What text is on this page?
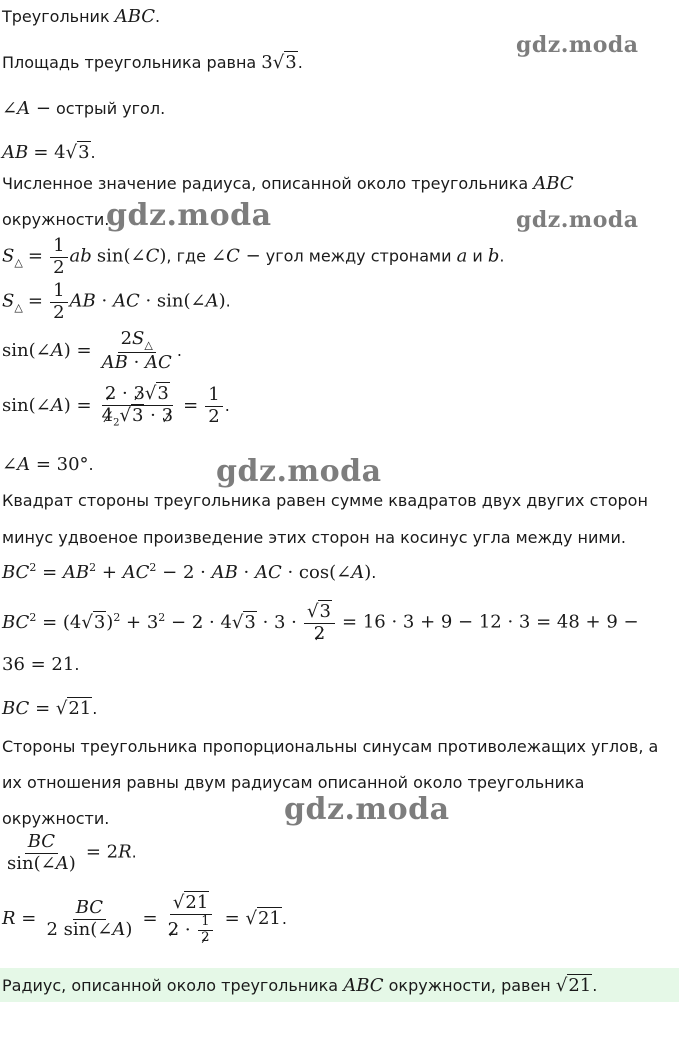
Треугольник ABC.
Площадь треугольника равна 3√3.
∠A − острый угол.
AB = 4√3.
Численное значение радиуса, описанной около треугольника ABC
окружности.
$S_\triangle = \frac{1}{2}$ ab sin(∠C), где ∠C − угол между стронами a и b.
$S_\triangle = \frac{1}{2}$ AB · AC · sin(∠A).
sin(∠A) = $\frac{2S_\triangle}{AB \cdot AC}$ .
sin(∠A) = $\frac{2 \cdot 3√3}{4_2√3 \cdot 3} = \frac{1}{2}$ .
∠A = 30°.
Квадрат стороны треугольника равен сумме квадратов двух двугих сторон
минус удвоеное произведение этих сторон на косинус угла между ними.
$BC^2 = AB^2 + AC^2 - 2$ · AB · AC · cos(∠A).
$BC^2 = (4√3)^2 + 3^2 - 2 \cdot 4√3 \cdot 3 \cdot \frac{√3}{2} = 16 \cdot 3 + 9 - 12 \cdot 3 = 48 + 9$ −
36 = 21.
BC = √21.
Стороны треугольника пропорциональны синусам противолежащих углов, а
их отношения равны двум радиусам описанной около треугольника
окружности.
$\frac{BC}{\sin(\angle A)} = 2R$.
$R = \frac{BC}{2 \sin(\angle A)} = \frac{√21}{2 \cdot \frac{1}{2}} = √21$.
Радиус, описанной около треугольника ABC окружности, равен √21.
gdz.moda
gdz.moda	gdz.moda
gdz.moda
gdz.moda
